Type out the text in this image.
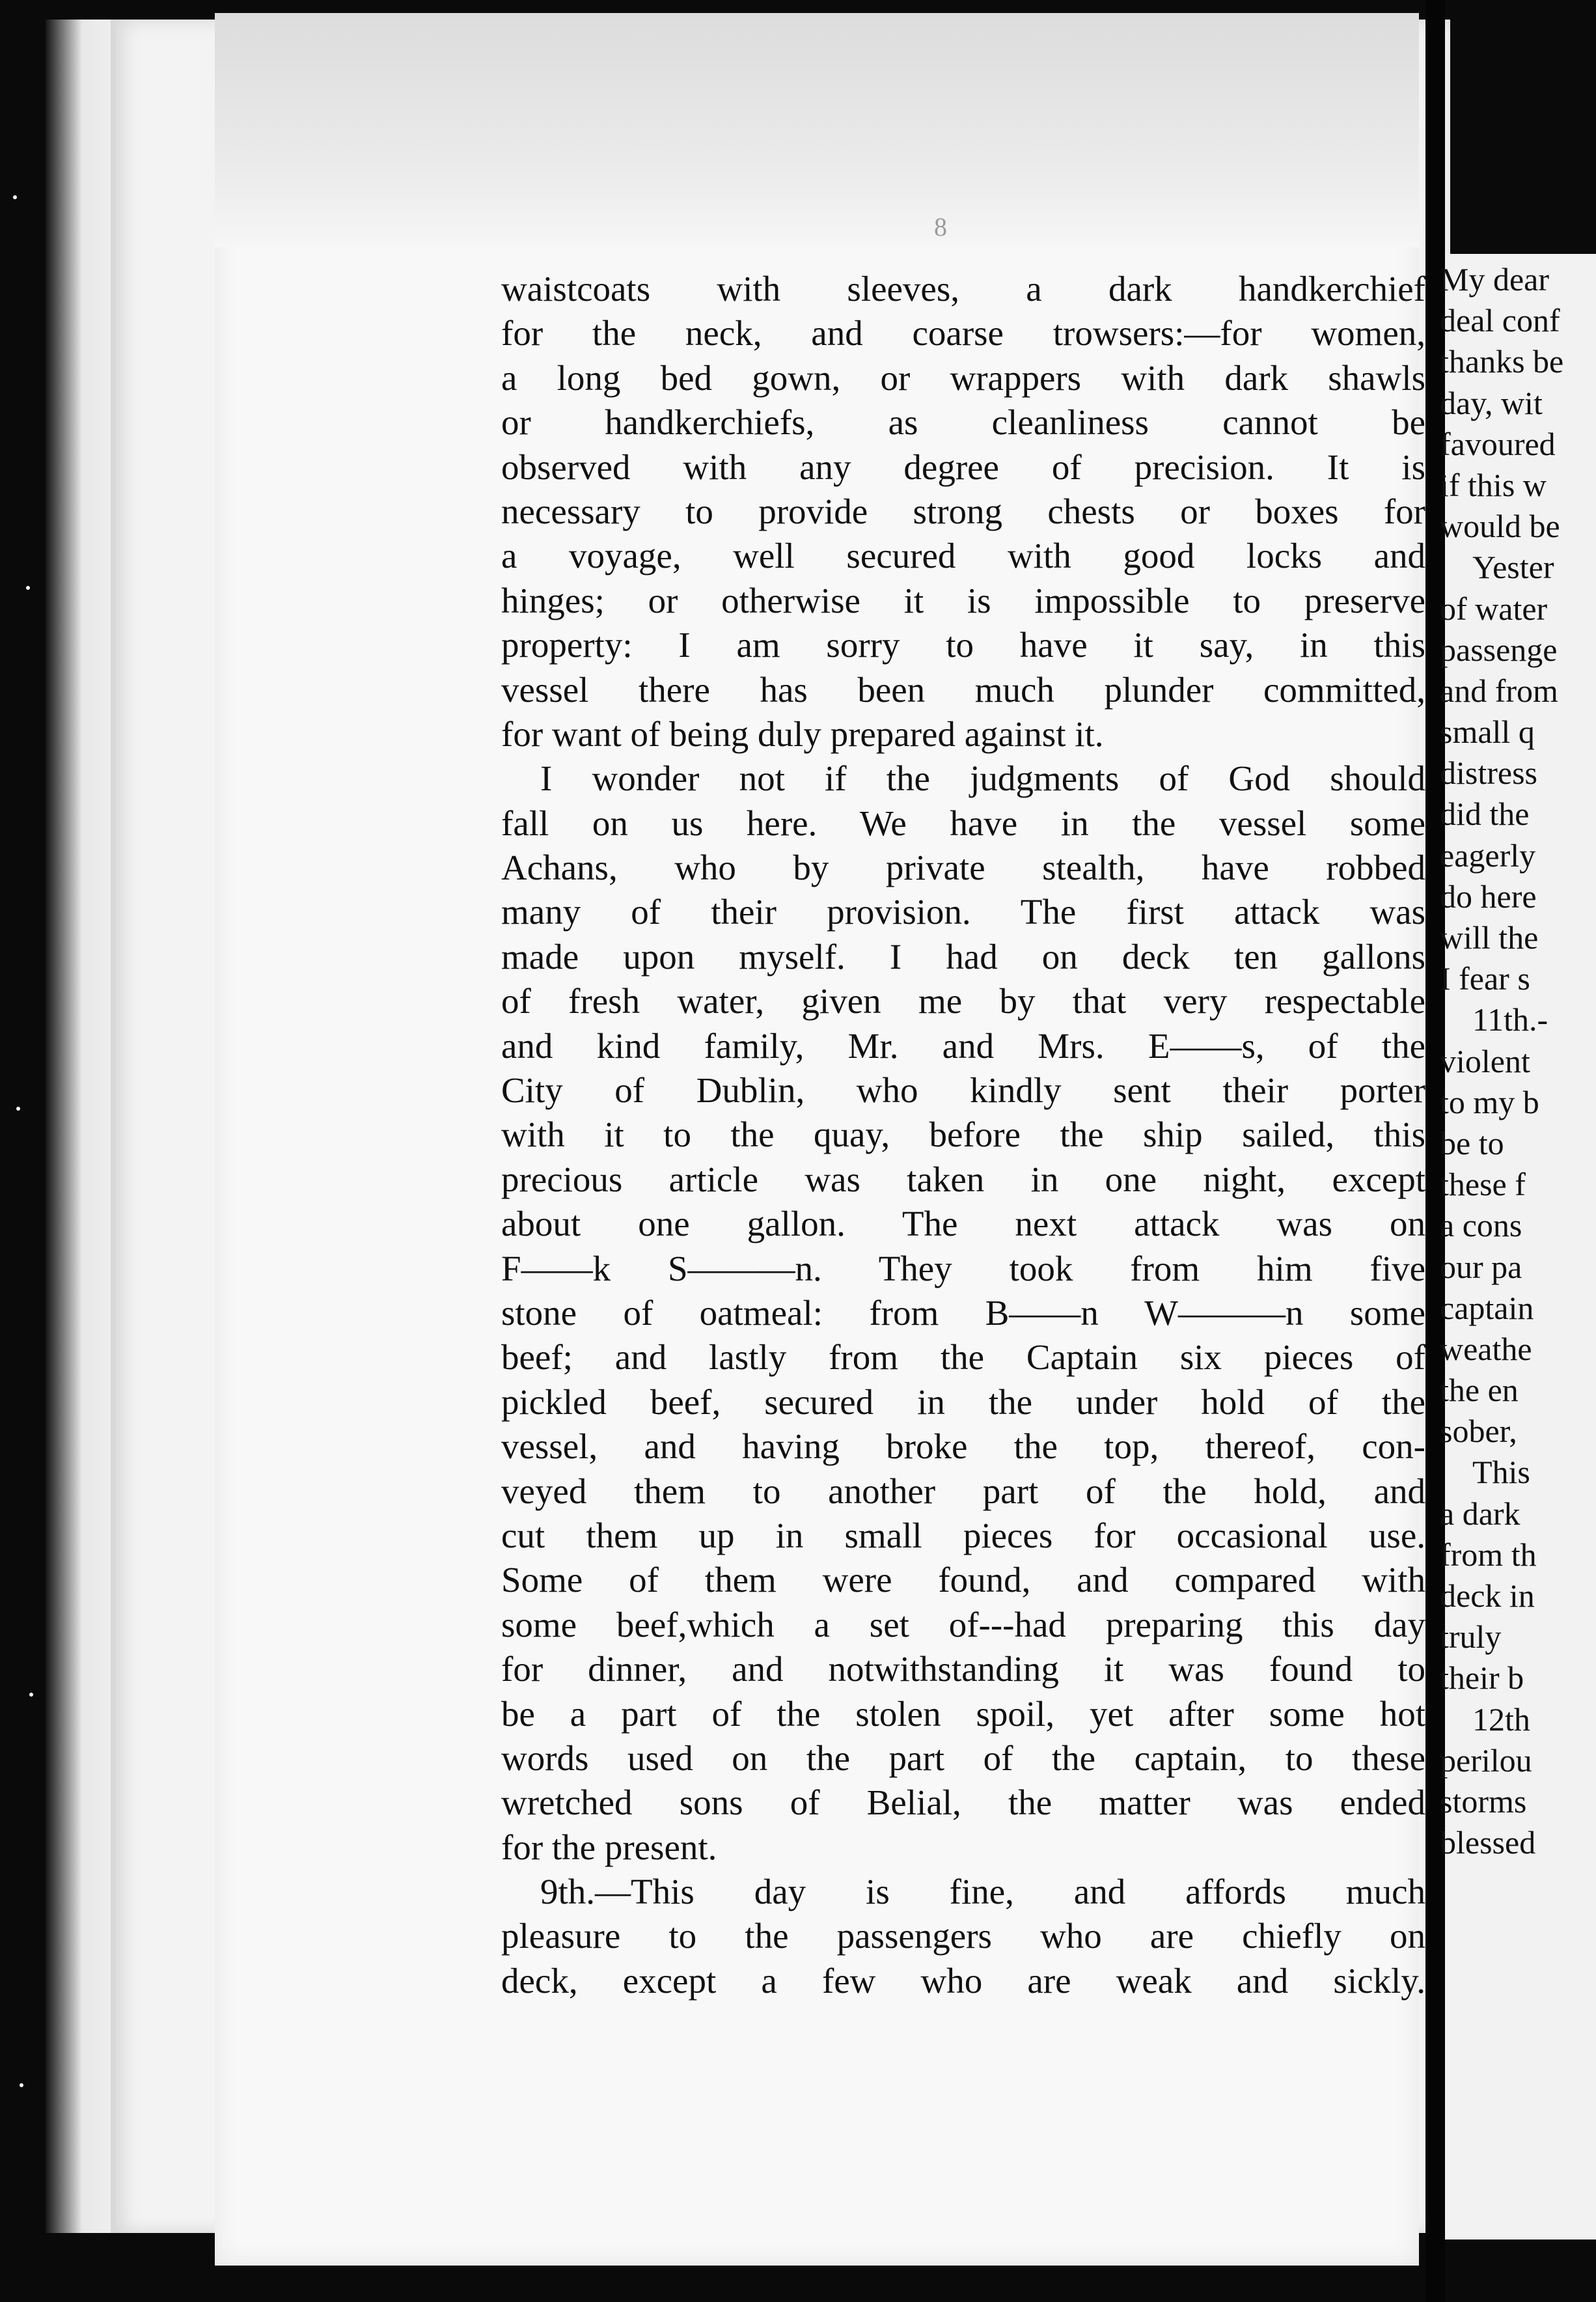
8
waistcoats with sleeves, a dark handkerchief
for the neck, and coarse trowsers:—for women,
a long bed gown, or wrappers with dark shawls
or handkerchiefs, as cleanliness cannot be
observed with any degree of precision. It is
necessary to provide strong chests or boxes for
a voyage, well secured with good locks and
hinges; or otherwise it is impossible to preserve
property: I am sorry to have it say, in this
vessel there has been much plunder committed,
for want of being duly prepared against it.
I wonder not if the judgments of God should
fall on us here. We have in the vessel some
Achans, who by private stealth, have robbed
many of their provision. The first attack was
made upon myself. I had on deck ten gallons
of fresh water, given me by that very respectable
and kind family, Mr. and Mrs. E——s, of the
City of Dublin, who kindly sent their porter
with it to the quay, before the ship sailed, this
precious article was taken in one night, except
about one gallon. The next attack was on
F——k S———n. They took from him five
stone of oatmeal: from B——n W———n some
beef; and lastly from the Captain six pieces of
pickled beef, secured in the under hold of the
vessel, and having broke the top, thereof, con-
veyed them to another part of the hold, and
cut them up in small pieces for occasional use.
Some of them were found, and compared with
some beef,which a set of---had preparing this day
for dinner, and notwithstanding it was found to
be a part of the stolen spoil, yet after some hot
words used on the part of the captain, to these
wretched sons of Belial, the matter was ended
for the present.
9th.—This day is fine, and affords much
pleasure to the passengers who are chiefly on
deck, except a few who are weak and sickly.
My dear
deal conf
thanks be
day, wit
favoured
if this w
would be
Yester
of water
passenge
and from
small q
distress
did the
eagerly
do here
will the
I fear s
11th.-
violent
to my b
be to
these f
a cons
our pa
captain
weathe
the en
sober,
This
a dark
from th
deck in
truly
their b
12th
perilou
storms
blessed
